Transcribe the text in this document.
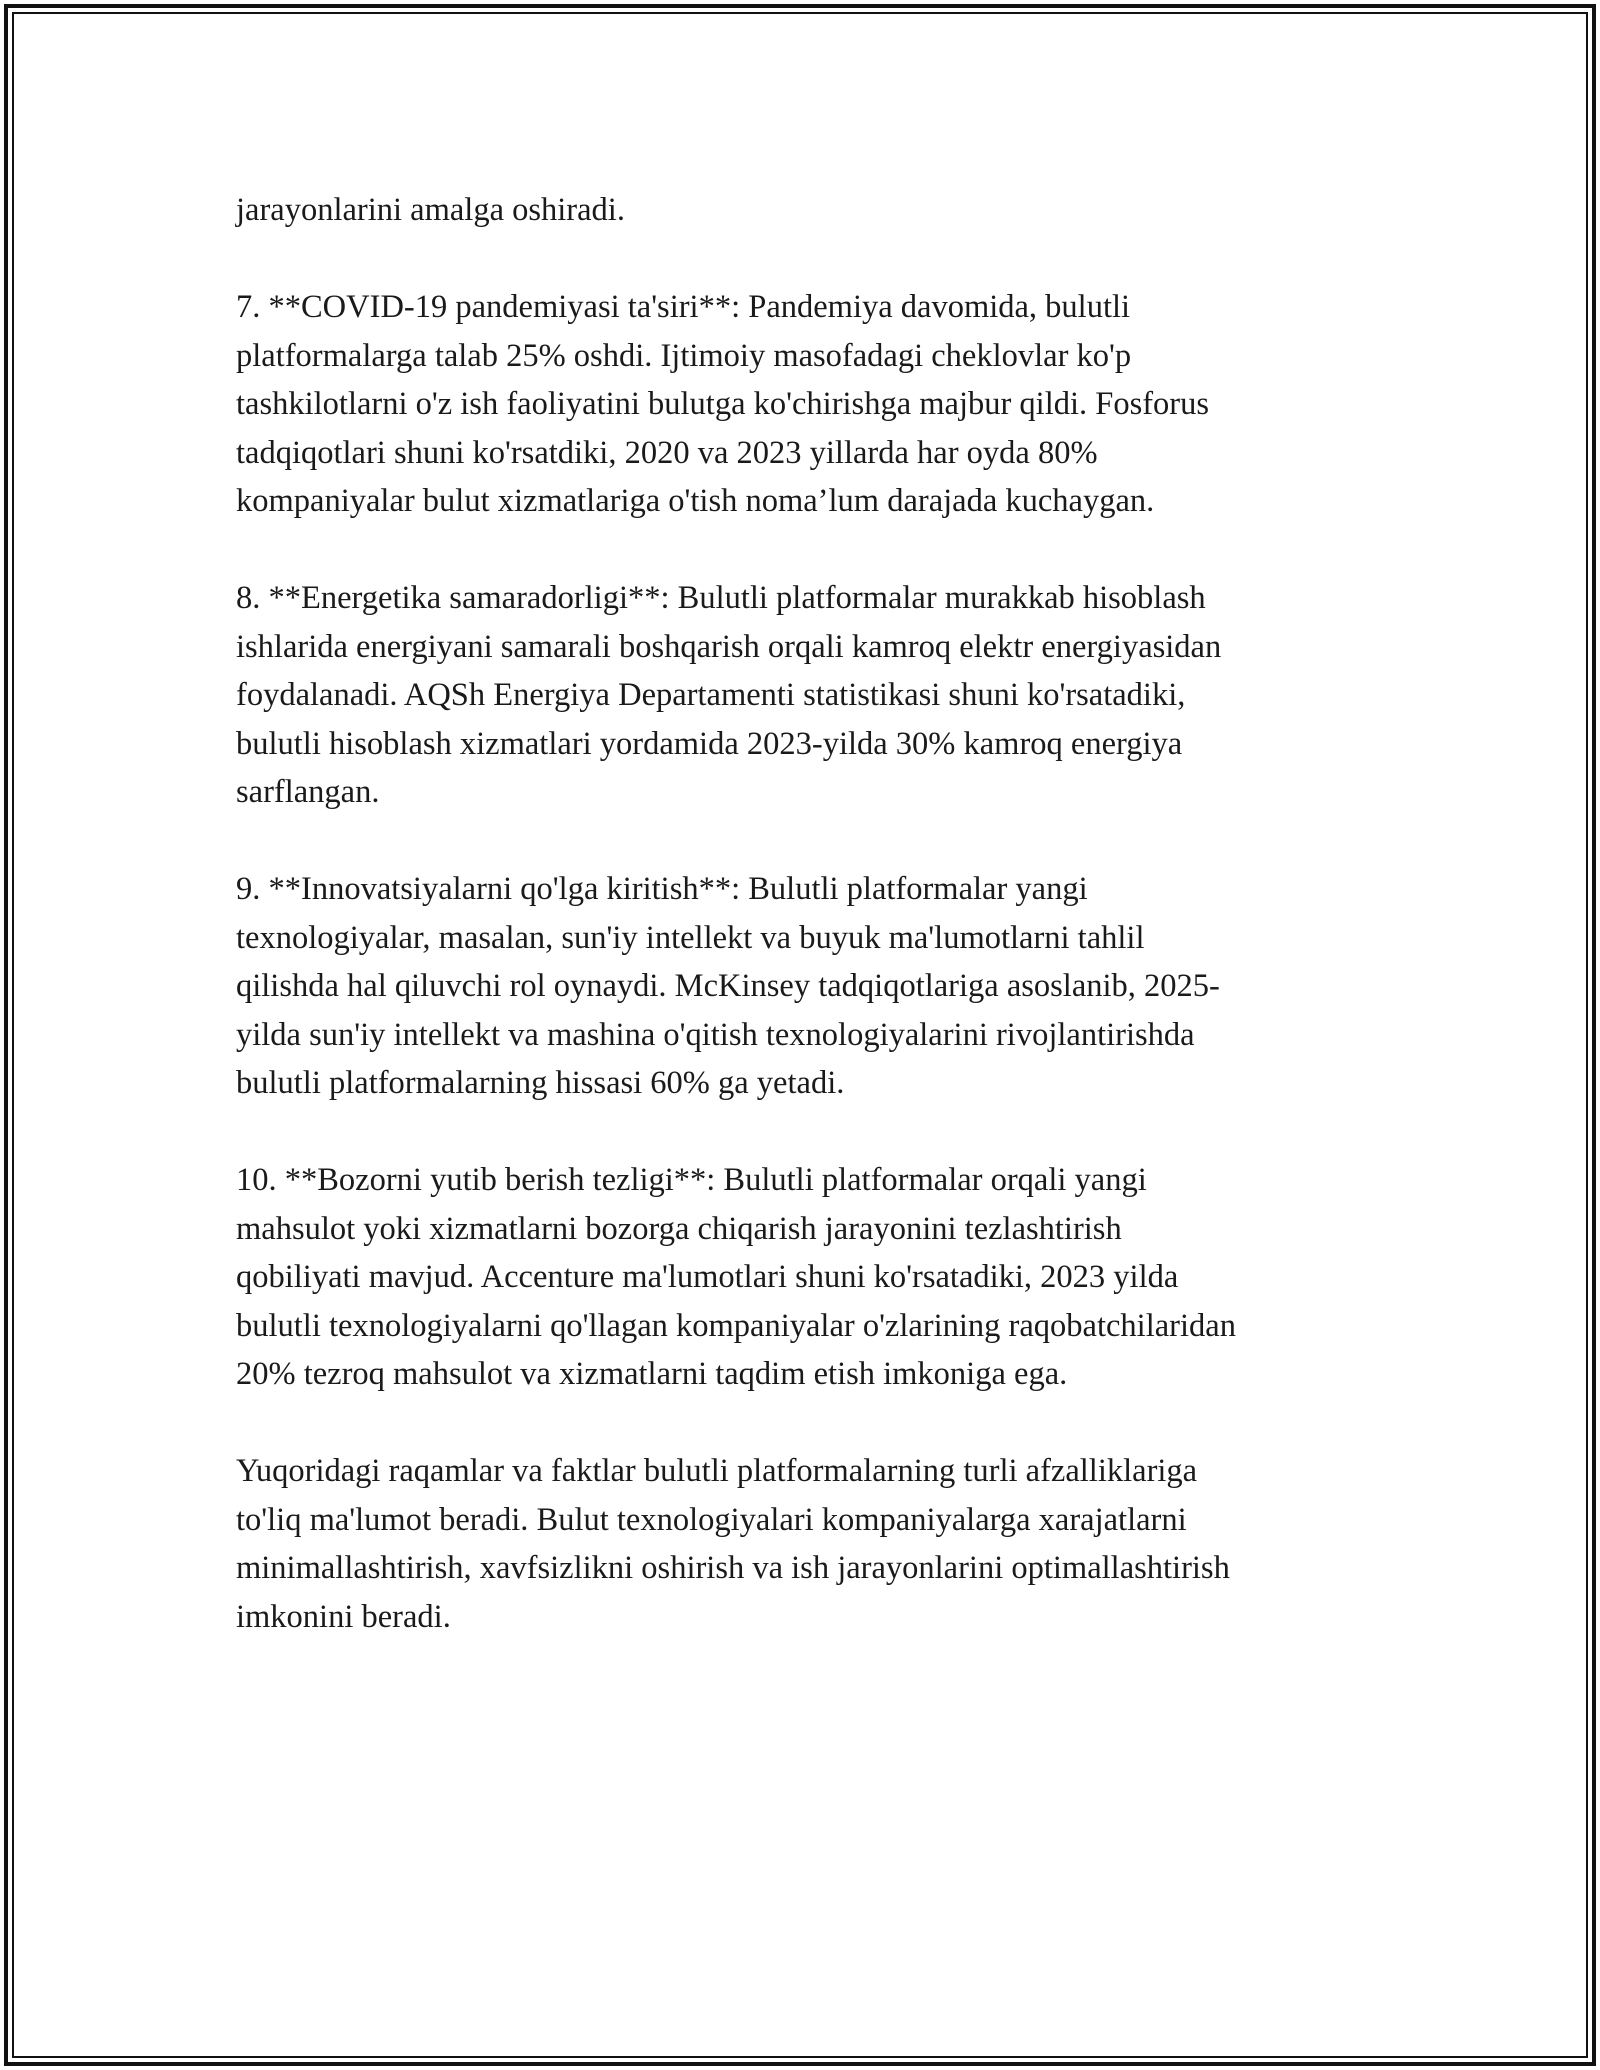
jarayonlarini amalga oshiradi.

7. **COVID-19 pandemiyasi ta'siri**: Pandemiya davomida, bulutli
platformalarga talab 25% oshdi. Ijtimoiy masofadagi cheklovlar ko'p
tashkilotlarni o'z ish faoliyatini bulutga ko'chirishga majbur qildi. Fosforus
tadqiqotlari shuni ko'rsatdiki, 2020 va 2023 yillarda har oyda 80%
kompaniyalar bulut xizmatlariga o'tish noma’lum darajada kuchaygan.

8. **Energetika samaradorligi**: Bulutli platformalar murakkab hisoblash
ishlarida energiyani samarali boshqarish orqali kamroq elektr energiyasidan
foydalanadi. AQSh Energiya Departamenti statistikasi shuni ko'rsatadiki,
bulutli hisoblash xizmatlari yordamida 2023-yilda 30% kamroq energiya
sarflangan.

9. **Innovatsiyalarni qo'lga kiritish**: Bulutli platformalar yangi
texnologiyalar, masalan, sun'iy intellekt va buyuk ma'lumotlarni tahlil
qilishda hal qiluvchi rol oynaydi. McKinsey tadqiqotlariga asoslanib, 2025-
yilda sun'iy intellekt va mashina o'qitish texnologiyalarini rivojlantirishda
bulutli platformalarning hissasi 60% ga yetadi.

10. **Bozorni yutib berish tezligi**: Bulutli platformalar orqali yangi
mahsulot yoki xizmatlarni bozorga chiqarish jarayonini tezlashtirish
qobiliyati mavjud. Accenture ma'lumotlari shuni ko'rsatadiki, 2023 yilda
bulutli texnologiyalarni qo'llagan kompaniyalar o'zlarining raqobatchilaridan
20% tezroq mahsulot va xizmatlarni taqdim etish imkoniga ega.

Yuqoridagi raqamlar va faktlar bulutli platformalarning turli afzalliklariga
to'liq ma'lumot beradi. Bulut texnologiyalari kompaniyalarga xarajatlarni
minimallashtirish, xavfsizlikni oshirish va ish jarayonlarini optimallashtirish
imkonini beradi.
